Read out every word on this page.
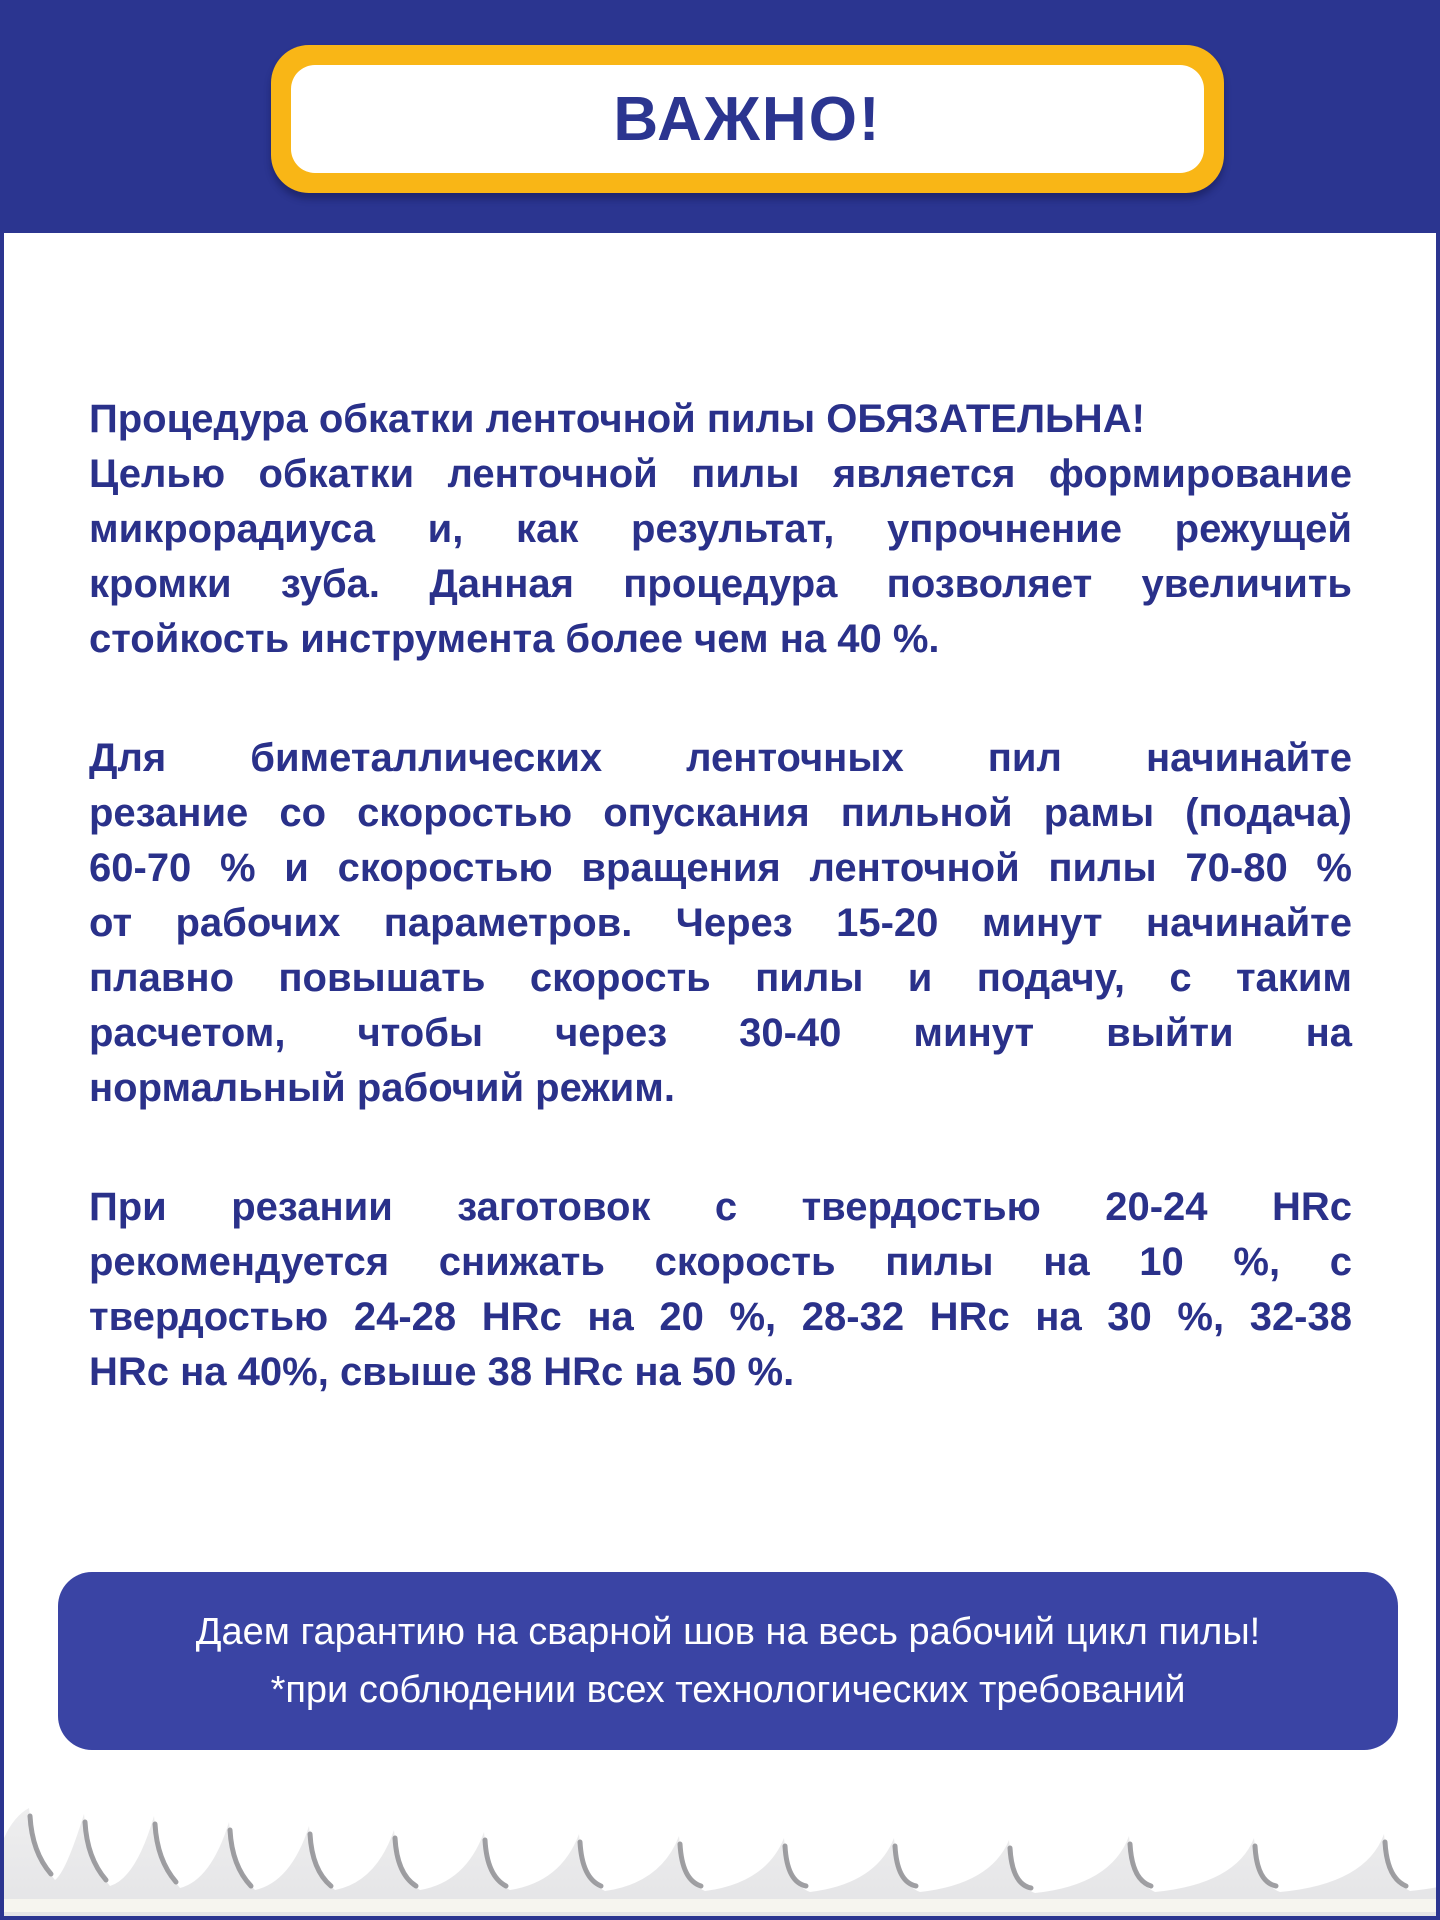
ВАЖНО!
Процедура обкатки ленточной пилы ОБЯЗАТЕЛЬНА!
Целью обкатки ленточной пилы является формирование
микрорадиуса и, как результат, упрочнение режущей
кромки зуба. Данная процедура позволяет увеличить
стойкость инструмента более чем на 40 %.
Для биметаллических ленточных пил начинайте
резание со скоростью опускания пильной рамы (подача)
60-70 % и скоростью вращения ленточной пилы 70-80 %
от рабочих параметров. Через 15-20 минут начинайте
плавно повышать скорость пилы и подачу, с таким
расчетом, чтобы через 30-40 минут выйти на
нормальный рабочий режим.
При резании заготовок с твердостью 20-24 HRc
рекомендуется снижать скорость пилы на 10 %, с
твердостью 24-28 HRc на 20 %, 28-32 HRc на 30 %, 32-38
HRc на 40%, свыше 38 HRc на 50 %.
Даем гарантию на сварной шов на весь рабочий цикл пилы!
*при соблюдении всех технологических требований
